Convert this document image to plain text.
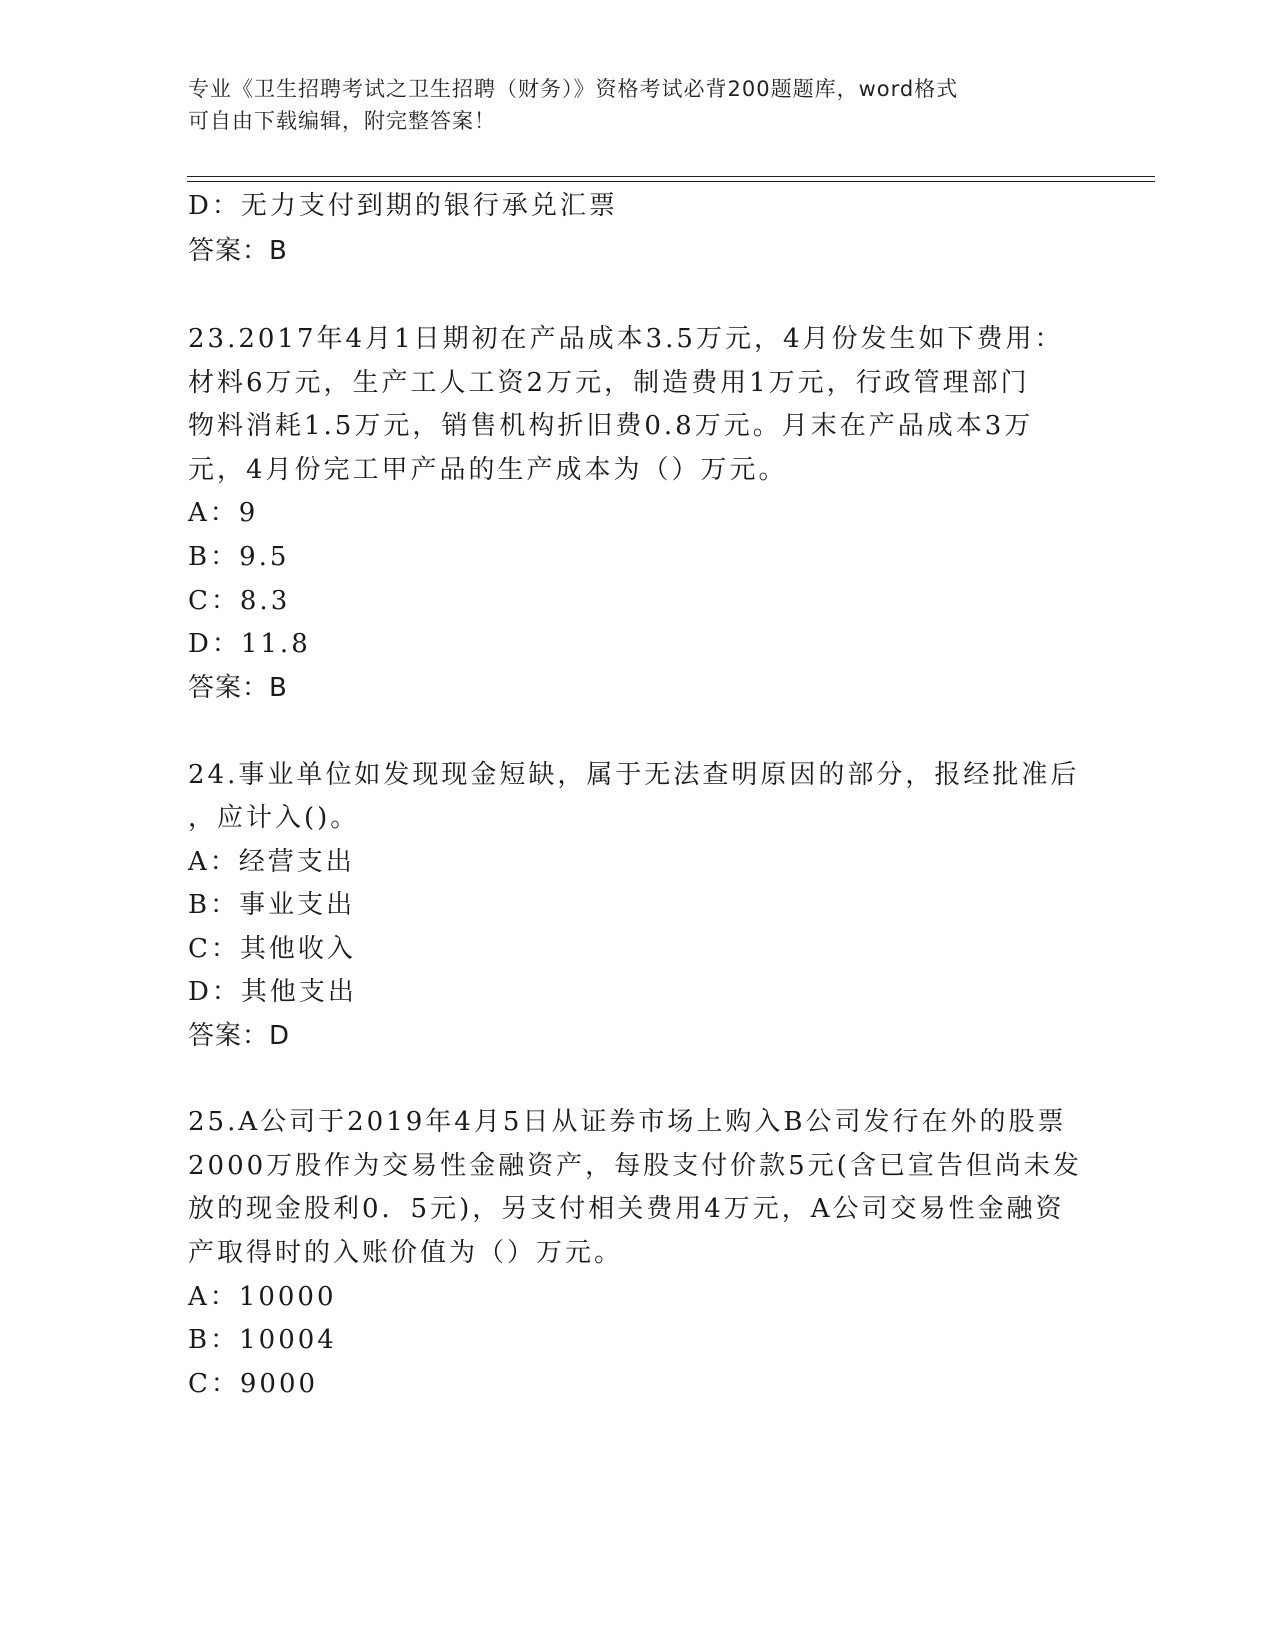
专业《卫生招聘考试之卫生招聘（财务）》资格考试必背200题题库，word格式
可自由下载编辑，附完整答案！
D：无力支付到期的银行承兑汇票
答案：B
23.2017年4月1日期初在产品成本3.5万元，4月份发生如下费用：
材料6万元，生产工人工资2万元，制造费用1万元，行政管理部门
物料消耗1.5万元，销售机构折旧费0.8万元。月末在产品成本3万
元，4月份完工甲产品的生产成本为（）万元。
A：9
B：9.5
C：8.3
D：11.8
答案：B
24.事业单位如发现现金短缺，属于无法查明原因的部分，报经批准后
，应计入()。
A：经营支出
B：事业支出
C：其他收入
D：其他支出
答案：D
25.A公司于2019年4月5日从证券市场上购入B公司发行在外的股票
2000万股作为交易性金融资产，每股支付价款5元(含已宣告但尚未发
放的现金股利0．5元)，另支付相关费用4万元，A公司交易性金融资
产取得时的入账价值为（）万元。
A：10000
B：10004
C：9000
